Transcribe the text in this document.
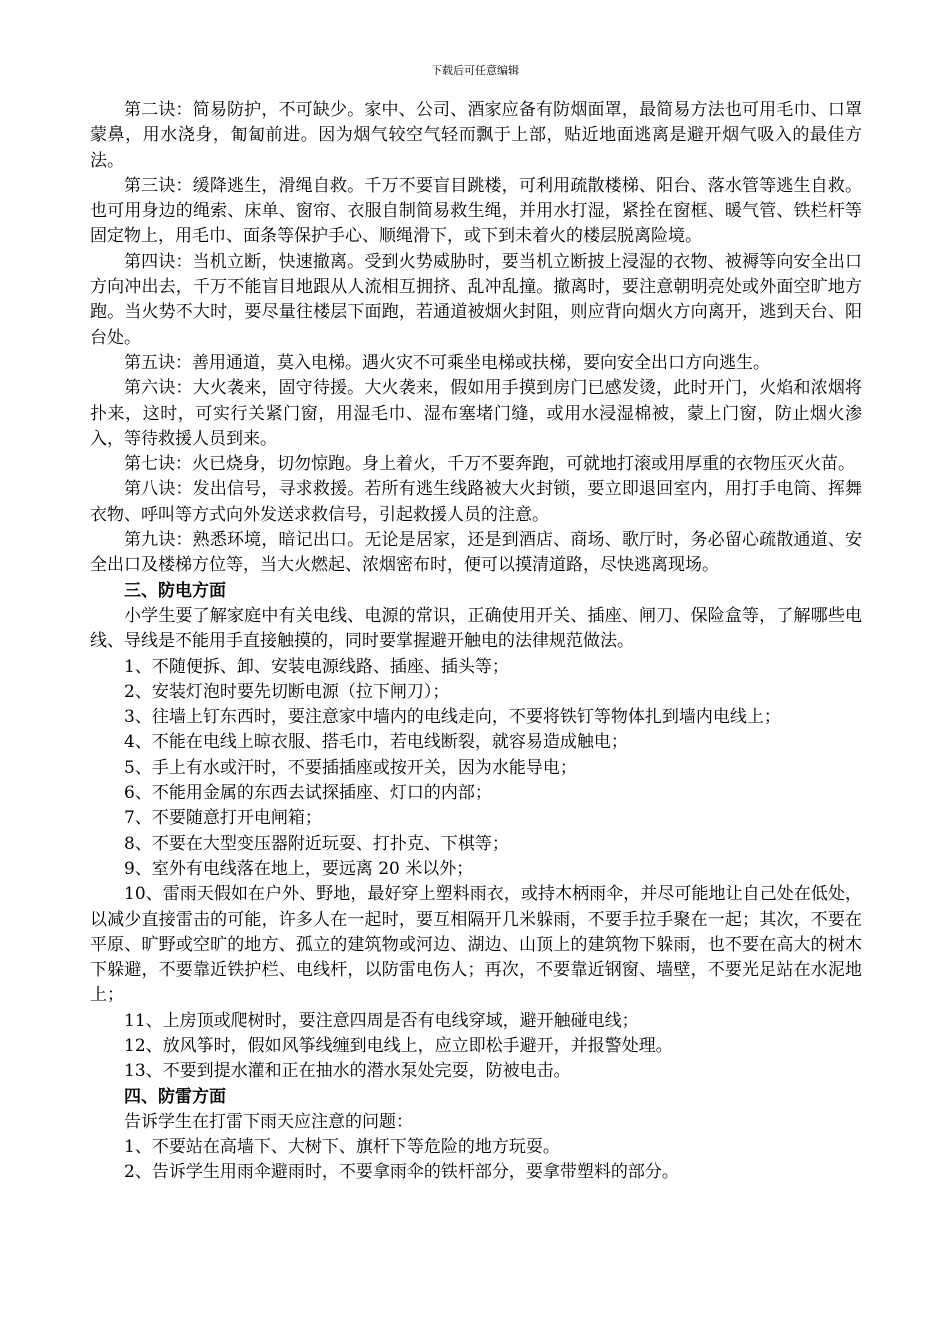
下载后可任意编辑

第二诀：简易防护，不可缺少。家中、公司、酒家应备有防烟面罩，最简易方法也可用毛巾、口罩蒙鼻，用水浇身，匍匐前进。因为烟气较空气轻而飘于上部，贴近地面逃离是避开烟气吸入的最佳方法。

第三诀：缓降逃生，滑绳自救。千万不要盲目跳楼，可利用疏散楼梯、阳台、落水管等逃生自救。也可用身边的绳索、床单、窗帘、衣服自制简易救生绳，并用水打湿，紧拴在窗框、暖气管、铁栏杆等固定物上，用毛巾、面条等保护手心、顺绳滑下，或下到未着火的楼层脱离险境。

第四诀：当机立断，快速撤离。受到火势威胁时，要当机立断披上浸湿的衣物、被褥等向安全出口方向冲出去，千万不能盲目地跟从人流相互拥挤、乱冲乱撞。撤离时，要注意朝明亮处或外面空旷地方跑。当火势不大时，要尽量往楼层下面跑，若通道被烟火封阻，则应背向烟火方向离开，逃到天台、阳台处。

第五诀：善用通道，莫入电梯。遇火灾不可乘坐电梯或扶梯，要向安全出口方向逃生。

第六诀：大火袭来，固守待援。大火袭来，假如用手摸到房门已感发烫，此时开门，火焰和浓烟将扑来，这时，可实行关紧门窗，用湿毛巾、湿布塞堵门缝，或用水浸湿棉被，蒙上门窗，防止烟火渗入，等待救援人员到来。

第七诀：火已烧身，切勿惊跑。身上着火，千万不要奔跑，可就地打滚或用厚重的衣物压灭火苗。

第八诀：发出信号，寻求救援。若所有逃生线路被大火封锁，要立即退回室内，用打手电筒、挥舞衣物、呼叫等方式向外发送求救信号，引起救援人员的注意。

第九诀：熟悉环境，暗记出口。无论是居家，还是到酒店、商场、歌厅时，务必留心疏散通道、安全出口及楼梯方位等，当大火燃起、浓烟密布时，便可以摸清道路，尽快逃离现场。

三、防电方面

小学生要了解家庭中有关电线、电源的常识，正确使用开关、插座、闸刀、保险盒等，了解哪些电线、导线是不能用手直接触摸的，同时要掌握避开触电的法律规范做法。

1、不随便拆、卸、安装电源线路、插座、插头等；

2、安装灯泡时要先切断电源（拉下闸刀）；

3、往墙上钉东西时，要注意家中墙内的电线走向，不要将铁钉等物体扎到墙内电线上；

4、不能在电线上晾衣服、搭毛巾，若电线断裂，就容易造成触电；

5、手上有水或汗时，不要插插座或按开关，因为水能导电；

6、不能用金属的东西去试探插座、灯口的内部；

7、不要随意打开电闸箱；

8、不要在大型变压器附近玩耍、打扑克、下棋等；

9、室外有电线落在地上，要远离 20 米以外；

10、雷雨天假如在户外、野地，最好穿上塑料雨衣，或持木柄雨伞，并尽可能地让自己处在低处，以减少直接雷击的可能，许多人在一起时，要互相隔开几米躲雨，不要手拉手聚在一起；其次，不要在平原、旷野或空旷的地方、孤立的建筑物或河边、湖边、山顶上的建筑物下躲雨，也不要在高大的树木下躲避，不要靠近铁护栏、电线杆，以防雷电伤人；再次，不要靠近钢窗、墙壁，不要光足站在水泥地上；

11、上房顶或爬树时，要注意四周是否有电线穿域，避开触碰电线；

12、放风筝时，假如风筝线缠到电线上，应立即松手避开，并报警处理。

13、不要到提水灌和正在抽水的潜水泵处完耍，防被电击。

四、防雷方面

告诉学生在打雷下雨天应注意的问题：

1、不要站在高墙下、大树下、旗杆下等危险的地方玩耍。

2、告诉学生用雨伞避雨时，不要拿雨伞的铁杆部分，要拿带塑料的部分。
